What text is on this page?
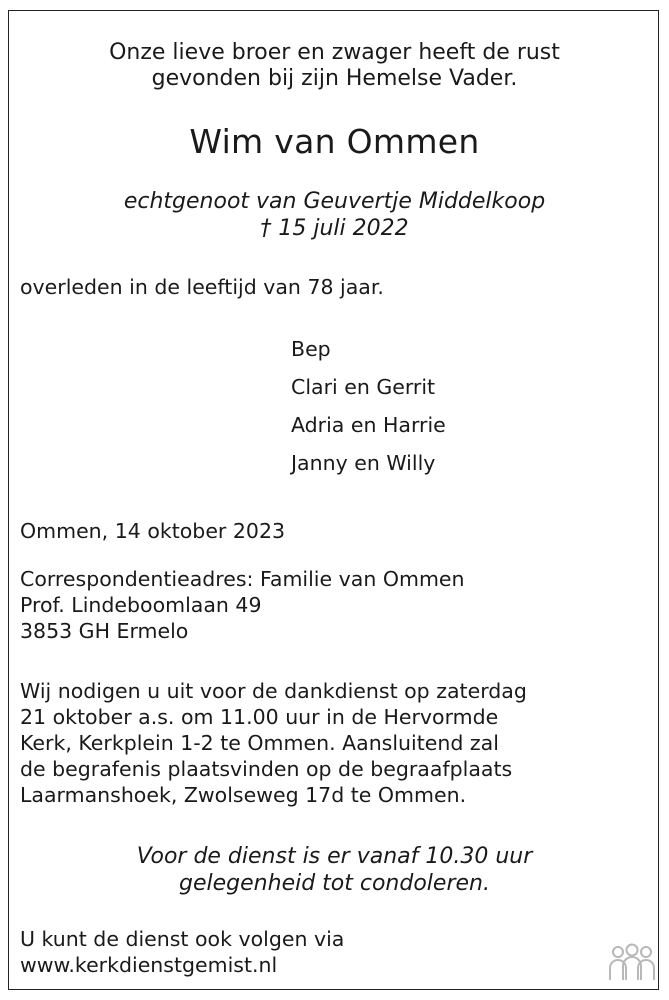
Onze lieve broer en zwager heeft de rust

gevonden bij zijn Hemelse Vader.

Wim van Ommen

echtgenoot van Geuvertje Middelkoop

† 15 juli 2022

overleden in de leeftijd van 78 jaar.

Bep
Clari en Gerrit
Adria en Harrie
Janny en Willy

Ommen, 14 oktober 2023

Correspondentieadres: Familie van Ommen

Prof. Lindeboomlaan 49

3853 GH Ermelo

Wij nodigen u uit voor de dankdienst op zaterdag

21 oktober a.s. om 11.00 uur in de Hervormde

Kerk, Kerkplein 1-2 te Ommen. Aansluitend zal

de begrafenis plaatsvinden op de begraafplaats

Laarmanshoek, Zwolseweg 17d te Ommen.

Voor de dienst is er vanaf 10.30 uur

gelegenheid tot condoleren.

U kunt de dienst ook volgen via

www.kerkdienstgemist.nl
